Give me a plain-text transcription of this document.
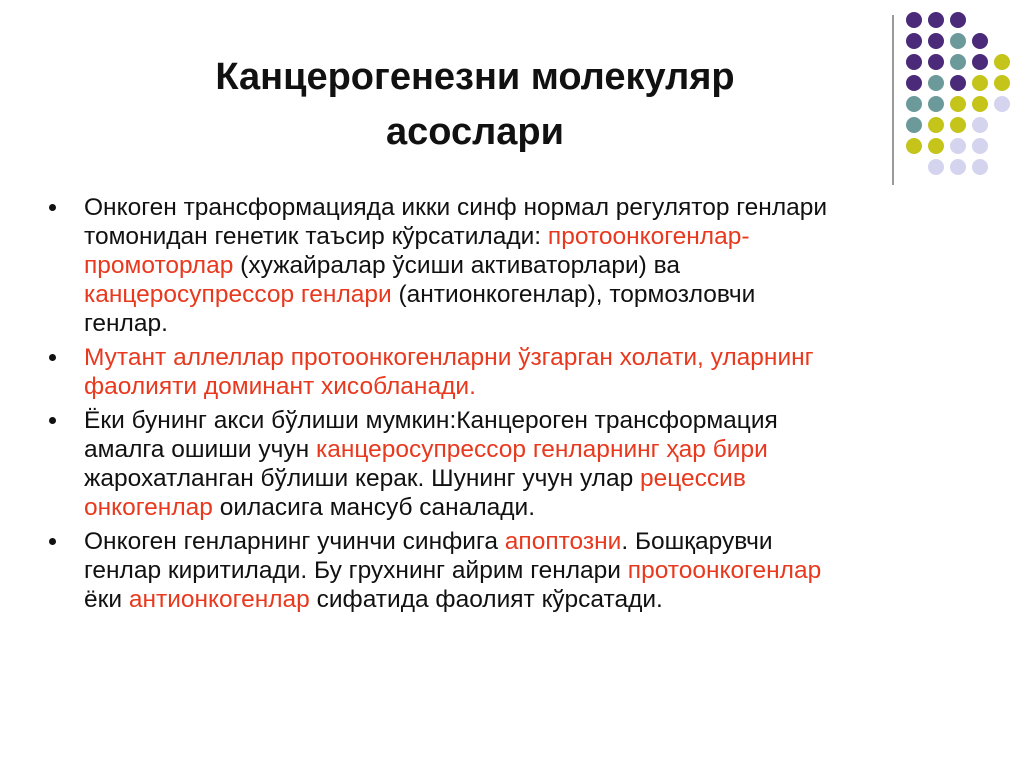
Канцерогенезни молекуляр
асослари
Онкоген трансформацияда икки синф нормал регулятор генлари
томонидан генетик таъсир кўрсатилади: протоонкогенлар-
промоторлар (хужайралар ўсиши активаторлари) ва
канцеросупрессор генлари (антионкогенлар), тормозловчи
генлар.
Мутант аллеллар протоонкогенларни ўзгарган холати, уларнинг
фаолияти доминант хисобланади.
Ёки бунинг акси бўлиши мумкин:Канцероген трансформация
амалга ошиши учун канцеросупрессор генларнинг ҳар бири
жарохатланган бўлиши керак. Шунинг учун улар рецессив
онкогенлар оиласига мансуб саналади.
Онкоген генларнинг учинчи синфига апоптозни. Бошқарувчи
генлар киритилади. Бу грухнинг айрим генлари протоонкогенлар
ёки антионкогенлар сифатида фаолият кўрсатади.
